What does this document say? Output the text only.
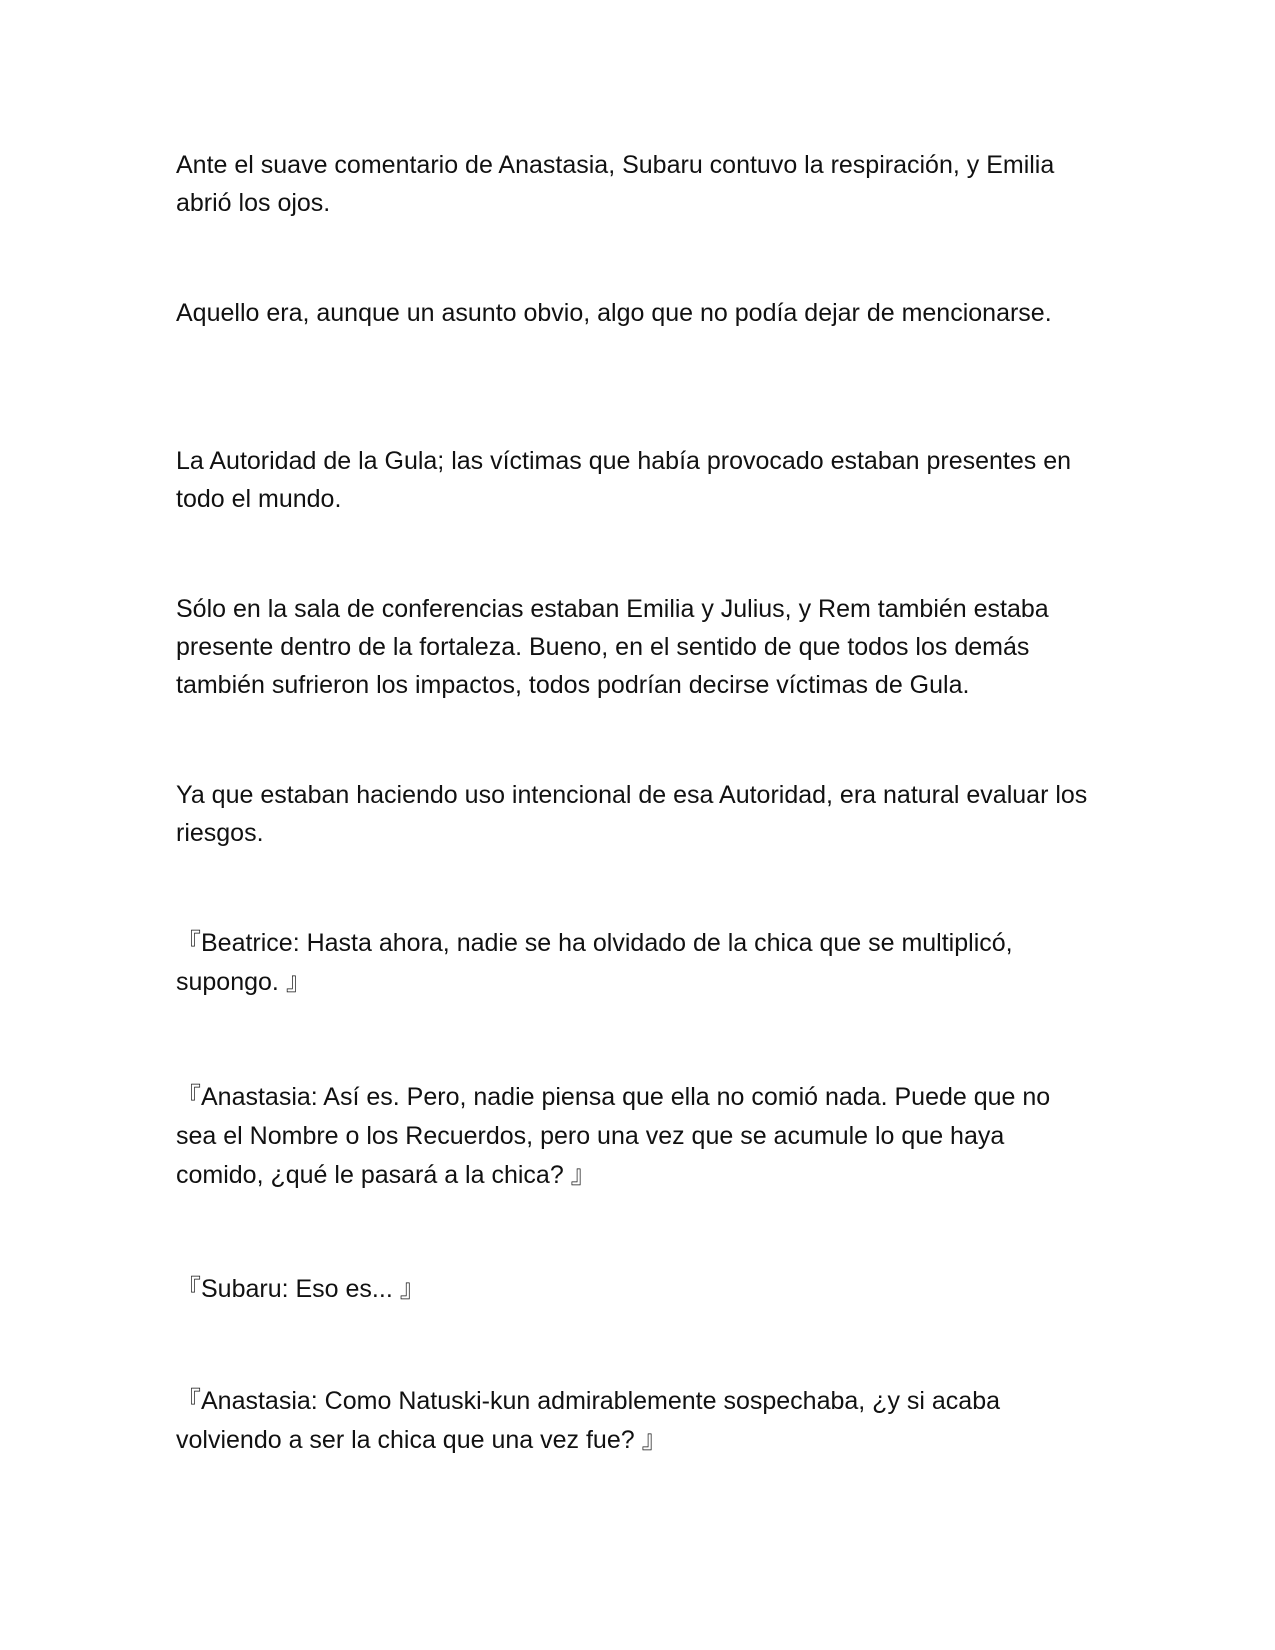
Ante el suave comentario de Anastasia, Subaru contuvo la respiración, y Emilia abrió los ojos.

Aquello era, aunque un asunto obvio, algo que no podía dejar de mencionarse.

La Autoridad de la Gula; las víctimas que había provocado estaban presentes en todo el mundo.

Sólo en la sala de conferencias estaban Emilia y Julius, y Rem también estaba presente dentro de la fortaleza. Bueno, en el sentido de que todos los demás también sufrieron los impactos, todos podrían decirse víctimas de Gula.

Ya que estaban haciendo uso intencional de esa Autoridad, era natural evaluar los riesgos.

『Beatrice: Hasta ahora, nadie se ha olvidado de la chica que se multiplicó, supongo. 』

『Anastasia: Así es. Pero, nadie piensa que ella no comió nada. Puede que no sea el Nombre o los Recuerdos, pero una vez que se acumule lo que haya comido, ¿qué le pasará a la chica? 』

『Subaru: Eso es... 』

『Anastasia: Como Natuski-kun admirablemente sospechaba, ¿y si acaba volviendo a ser la chica que una vez fue? 』
